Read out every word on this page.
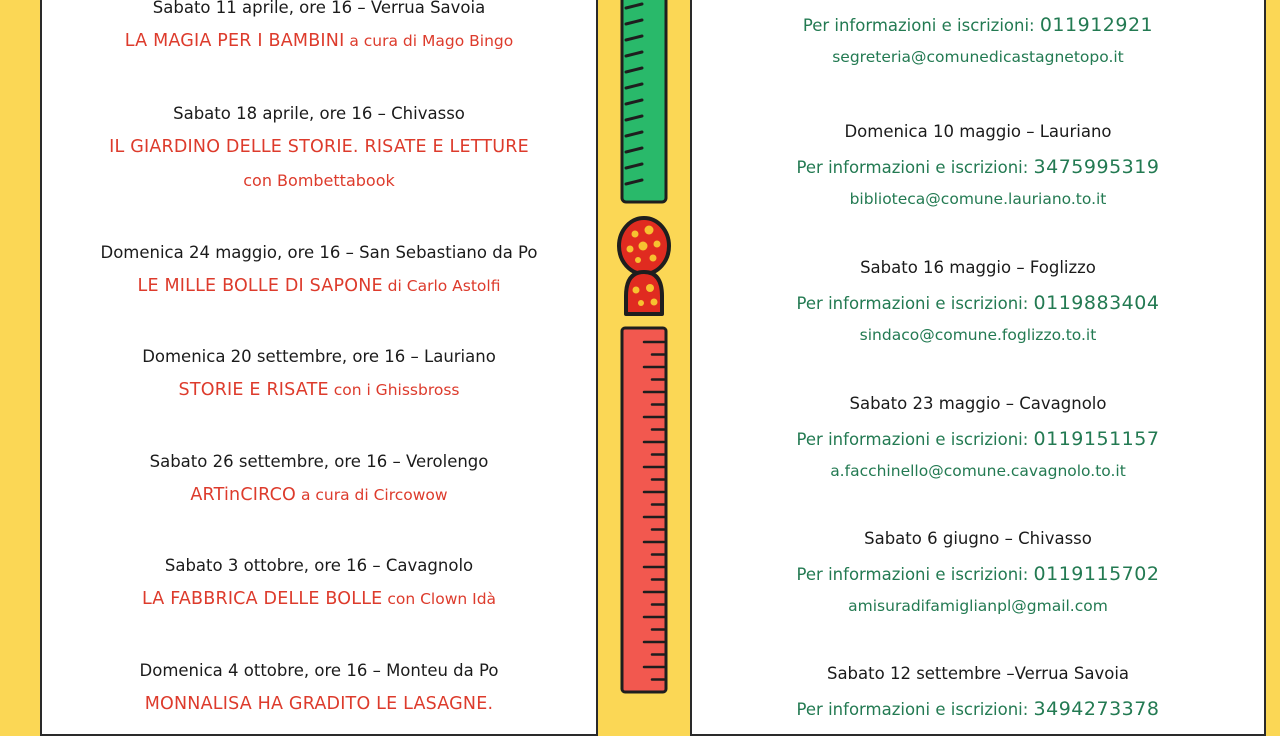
Sabato 11 aprile, ore 16 – Verrua Savoia
LA MAGIA PER I BAMBINI a cura di Mago Bingo
Sabato 18 aprile, ore 16 – Chivasso
IL GIARDINO DELLE STORIE. RISATE E LETTURE
con Bombettabook
Domenica 24 maggio, ore 16 – San Sebastiano da Po
LE MILLE BOLLE DI SAPONE di Carlo Astolfi
Domenica 20 settembre, ore 16 – Lauriano
STORIE E RISATE con i Ghissbross
Sabato 26 settembre, ore 16 – Verolengo
ARTinCIRCO a cura di Circowow
Sabato 3 ottobre, ore 16 – Cavagnolo
LA FABBRICA DELLE BOLLE con Clown Idà
Domenica 4 ottobre, ore 16 – Monteu da Po
MONNALISA HA GRADITO LE LASAGNE.
Per informazioni e iscrizioni: 011912921
segreteria@comunedicastagnetopo.it
Domenica 10 maggio – Lauriano
Per informazioni e iscrizioni: 3475995319
biblioteca@comune.lauriano.to.it
Sabato 16 maggio – Foglizzo
Per informazioni e iscrizioni: 0119883404
sindaco@comune.foglizzo.to.it
Sabato 23 maggio – Cavagnolo
Per informazioni e iscrizioni: 0119151157
a.facchinello@comune.cavagnolo.to.it
Sabato 6 giugno – Chivasso
Per informazioni e iscrizioni: 0119115702
amisuradifamiglianpl@gmail.com
Sabato 12 settembre –Verrua Savoia
Per informazioni e iscrizioni: 3494273378
